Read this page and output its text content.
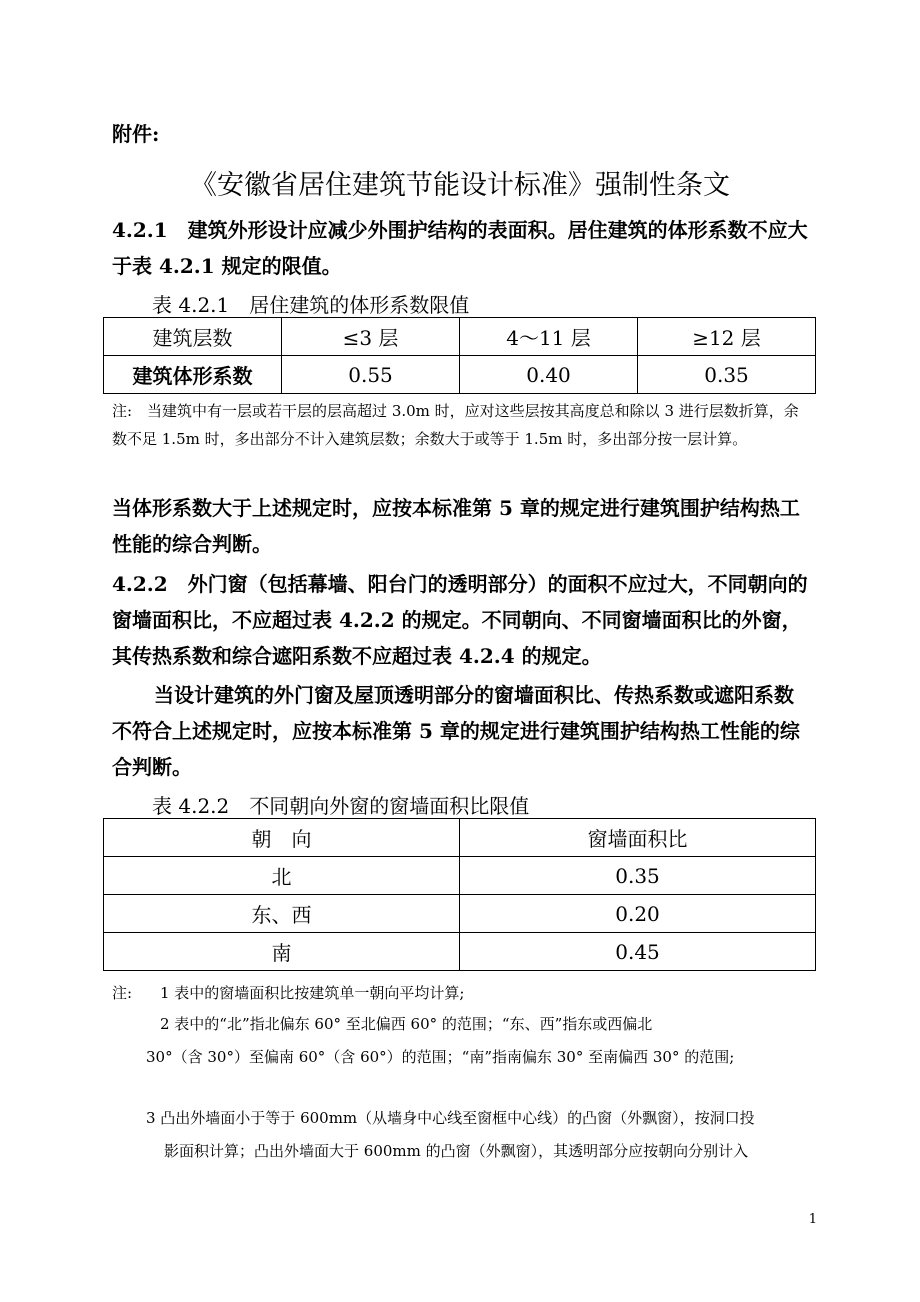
附件:
《安徽省居住建筑节能设计标准》强制性条文
4.2.1　建筑外形设计应减少外围护结构的表面积。居住建筑的体形系数不应大于表 4.2.1 规定的限值。
表 4.2.1　居住建筑的体形系数限值
建筑层数	≤3 层	4～11 层	≥12 层
建筑体形系数	0.55	0.40	0.35
注:　当建筑中有一层或若干层的层高超过 3.0m 时，应对这些层按其高度总和除以 3 进行层数折算，余数不足 1.5m 时，多出部分不计入建筑层数；余数大于或等于 1.5m 时，多出部分按一层计算。
当体形系数大于上述规定时，应按本标准第 5 章的规定进行建筑围护结构热工性能的综合判断。
4.2.2　外门窗（包括幕墙、阳台门的透明部分）的面积不应过大，不同朝向的窗墙面积比，不应超过表 4.2.2 的规定。不同朝向、不同窗墙面积比的外窗，其传热系数和综合遮阳系数不应超过表 4.2.4 的规定。
当设计建筑的外门窗及屋顶透明部分的窗墙面积比、传热系数或遮阳系数不符合上述规定时，应按本标准第 5 章的规定进行建筑围护结构热工性能的综合判断。
表 4.2.2　不同朝向外窗的窗墙面积比限值
朝　向	窗墙面积比
北	0.35
东、西	0.20
南	0.45
注: 1 表中的窗墙面积比按建筑单一朝向平均计算;
2 表中的“北”指北偏东 60° 至北偏西 60° 的范围；“东、西”指东或西偏北
30°（含 30°）至偏南 60°（含 60°）的范围；“南”指南偏东 30° 至南偏西 30° 的范围;
3 凸出外墙面小于等于 600mm（从墙身中心线至窗框中心线）的凸窗（外飘窗），按洞口投
影面积计算；凸出外墙面大于 600mm 的凸窗（外飘窗），其透明部分应按朝向分别计入
1
